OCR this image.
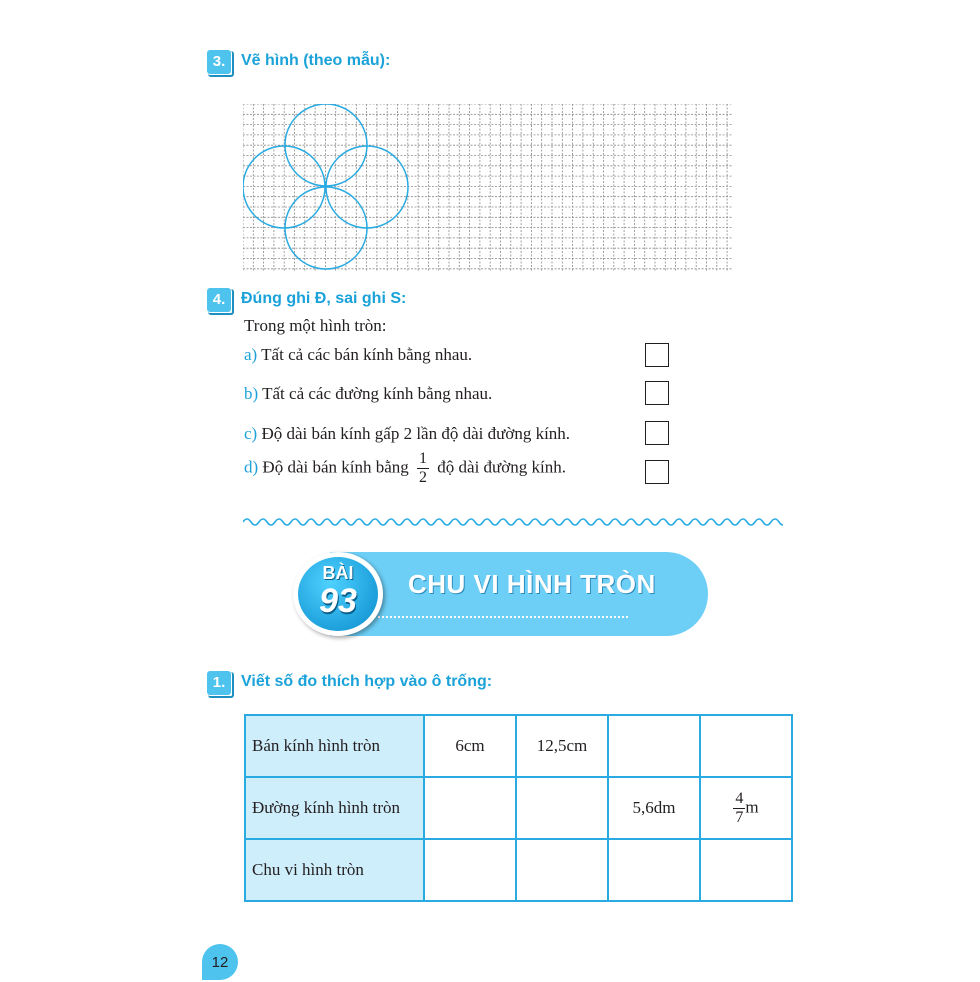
3. Vẽ hình (theo mẫu):
4. Đúng ghi Đ, sai ghi S:
Trong một hình tròn:
a) Tất cả các bán kính bằng nhau.
b) Tất cả các đường kính bằng nhau.
c) Độ dài bán kính gấp 2 lần độ dài đường kính.
d) Độ dài bán kính bằng $\frac{1}{2}$ độ dài đường kính.
CHU VI HÌNH TRÒN
BÀI
93
1. Viết số đo thích hợp vào ô trống:
Bán kính hình tròn	6cm	12,5cm		
Đường kính hình tròn			5,6dm	$\frac{4}{7}$ m
Chu vi hình tròn				
12
